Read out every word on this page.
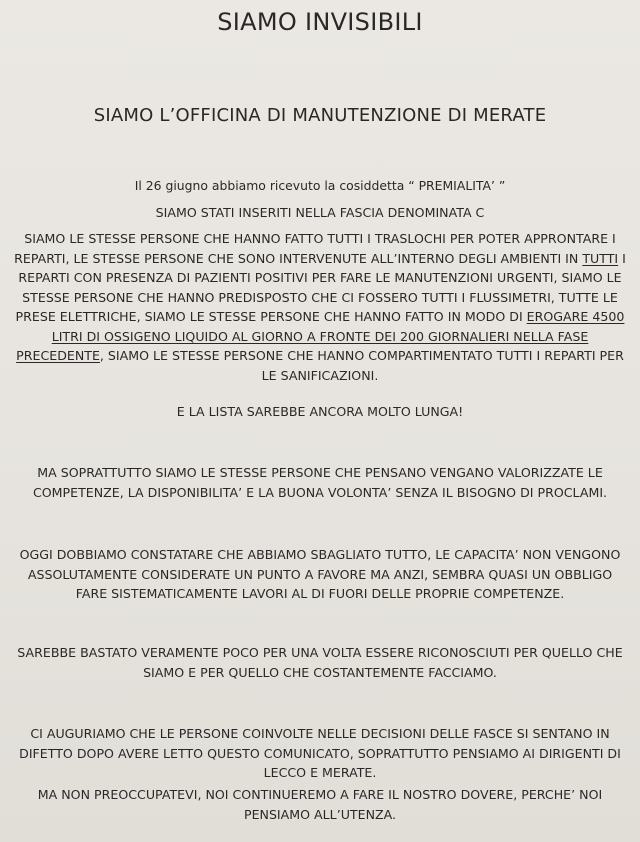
SIAMO INVISIBILI
SIAMO L’OFFICINA DI MANUTENZIONE DI MERATE
Il 26 giugno abbiamo ricevuto la cosiddetta “ PREMIALITA’ ”
SIAMO STATI INSERITI NELLA FASCIA DENOMINATA C
SIAMO LE STESSE PERSONE CHE HANNO FATTO TUTTI I TRASLOCHI PER POTER APPRONTARE I REPARTI, LE STESSE PERSONE CHE SONO INTERVENUTE ALL’INTERNO DEGLI AMBIENTI IN TUTTI I REPARTI CON PRESENZA DI PAZIENTI POSITIVI PER FARE LE MANUTENZIONI URGENTI, SIAMO LE STESSE PERSONE CHE HANNO PREDISPOSTO CHE CI FOSSERO TUTTI I FLUSSIMETRI, TUTTE LE PRESE ELETTRICHE, SIAMO LE STESSE PERSONE CHE HANNO FATTO IN MODO DI EROGARE 4500 LITRI DI OSSIGENO LIQUIDO AL GIORNO A FRONTE DEI 200 GIORNALIERI NELLA FASE PRECEDENTE, SIAMO LE STESSE PERSONE CHE HANNO COMPARTIMENTATO TUTTI I REPARTI PER LE SANIFICAZIONI.
E LA LISTA SAREBBE ANCORA MOLTO LUNGA!
MA SOPRATTUTTO SIAMO LE STESSE PERSONE CHE PENSANO VENGANO VALORIZZATE LE COMPETENZE, LA DISPONIBILITA’ E LA BUONA VOLONTA’ SENZA IL BISOGNO DI PROCLAMI.
OGGI DOBBIAMO CONSTATARE CHE ABBIAMO SBAGLIATO TUTTO, LE CAPACITA’ NON VENGONO ASSOLUTAMENTE CONSIDERATE UN PUNTO A FAVORE MA ANZI, SEMBRA QUASI UN OBBLIGO FARE SISTEMATICAMENTE LAVORI AL DI FUORI DELLE PROPRIE COMPETENZE.
SAREBBE BASTATO VERAMENTE POCO PER UNA VOLTA ESSERE RICONOSCIUTI PER QUELLO CHE SIAMO E PER QUELLO CHE COSTANTEMENTE FACCIAMO.
CI AUGURIAMO CHE LE PERSONE COINVOLTE NELLE DECISIONI DELLE FASCE SI SENTANO IN DIFETTO DOPO AVERE LETTO QUESTO COMUNICATO, SOPRATTUTTO PENSIAMO AI DIRIGENTI DI LECCO E MERATE.
MA NON PREOCCUPATEVI, NOI CONTINUEREMO A FARE IL NOSTRO DOVERE, PERCHE’ NOI PENSIAMO ALL’UTENZA.
